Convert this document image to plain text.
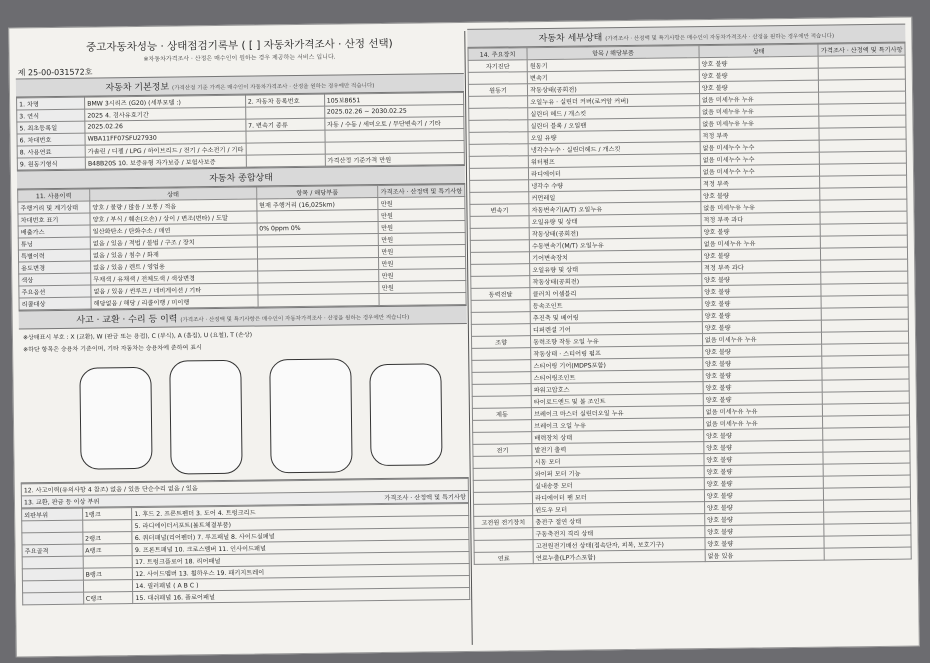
중고자동차성능 · 상태점검기록부 ( [ ] 자동차가격조사 · 산정 선택)
※자동차가격조사 · 산정은 매수인이 원하는 경우 제공하는 서비스 입니다.
제 25-00-031572호
자동차 기본정보 (가격산정 기준 가격은 매수인이 자동차가격조사 · 산정을 원하는 경우에만 적습니다)
1. 차명	BMW 3시리즈 (G20) (세부모델 :)	2. 자동차 등록번호	105보8651
3. 연식	2025 4. 검사유효기간		2025.02.26 ~ 2030.02.25
5. 최초등록일	2025.02.26	7. 변속기 종류	자동 / 수동 / 세미오토 / 무단변속기 / 기타
6. 차대번호	WBA11FF07SFU27930		
8. 사용연료	가솔린 / 디젤 / LPG / 하이브리드 / 전기 / 수소전기 / 기타		
9. 원동기형식	B48B20S 10. 보증유형 자가보증 / 보험사보증		가격산정 기준가격 만원
자동차 종합상태
11. 사용이력	상태	항목 / 해당부품	가격조사 · 산정액 및 특기사항
주행거리 및 계기상태	양호 / 불량 / 많음 / 보통 / 적음	현재 주행거리 (16,025km)	만원
차대번호 표기	양호 / 부식 / 훼손(오손) / 상이 / 변조(변타) / 도말		만원
배출가스	일산화탄소 / 탄화수소 / 매연	0% 0ppm 0%	만원
튜닝	없음 / 있음 / 적법 / 불법 / 구조 / 장치		만원
특별이력	없음 / 있음 / 침수 / 화재		만원
용도변경	없음 / 있음 / 렌트 / 영업용		만원
색상	무채색 / 유채색 / 전체도색 / 색상변경		만원
주요옵션	없음 / 있음 / 썬루프 / 네비게이션 / 기타		만원
리콜대상	해당없음 / 해당 / 리콜이행 / 미이행		
사고 · 교환 · 수리 등 이력 (가격조사 · 산정액 및 특기사항은 매수인이 자동차가격조사 · 산정을 원하는 경우에만 적습니다)
※상태표시 부호 : X (교환), W (판금 또는 용접), C (부식), A (흠집), U (요철), T (손상)
※하단 항목은 승용차 기준이며, 기타 자동차는 승용차에 준하여 표시
12. 사고이력(유의사항 4 참조) 없음 / 있음 단순수리 없음 / 있음
13. 교환, 판금 등 이상 부위
가격조사 · 산정액 및 특기사항
외판부위	1랭크	1. 후드 2. 프론트펜더 3. 도어 4. 트렁크리드
		5. 라디에이터서포트(볼트체결부품)
	2랭크	6. 쿼터패널(리어펜더) 7. 루프패널 8. 사이드실패널
주요골격	A랭크	9. 프론트패널 10. 크로스멤버 11. 인사이드패널
		17. 트렁크플로어 18. 리어패널
	B랭크	12. 사이드멤버 13. 휠하우스 19. 패키지트레이
		14. 필러패널 ( A B C )
	C랭크	15. 대쉬패널 16. 플로어패널
자동차 세부상태 (가격조사 · 산정액 및 특기사항은 매수인이 자동차가격조사 · 산정을 원하는 경우에만 적습니다)
14. 주요장치	항목 / 해당부품	상태	가격조사 · 산정액 및 특기사항
자기진단	원동기	양호 불량	
	변속기	양호 불량	
원동기	작동상태(공회전)	양호 불량	
	오일누유 · 실린더 커버(로커암 커버)	없음 미세누유 누유	
	실린더 헤드 / 개스킷	없음 미세누유 누유	
	실린더 블록 / 오일팬	없음 미세누유 누유	
	오일 유량	적정 부족	
	냉각수누수 · 실린더헤드 / 개스킷	없음 미세누수 누수	
	워터펌프	없음 미세누수 누수	
	라디에이터	없음 미세누수 누수	
	냉각수 수량	적정 부족	
	커먼레일	양호 불량	
변속기	자동변속기(A/T) 오일누유	없음 미세누유 누유	
	오일유량 및 상태	적정 부족 과다	
	작동상태(공회전)	양호 불량	
	수동변속기(M/T) 오일누유	없음 미세누유 누유	
	기어변속장치	양호 불량	
	오일유량 및 상태	적정 부족 과다	
	작동상태(공회전)	양호 불량	
동력전달	클러치 어셈블리	양호 불량	
	등속조인트	양호 불량	
	추진축 및 베어링	양호 불량	
	디퍼렌셜 기어	양호 불량	
조향	동력조향 작동 오일 누유	없음 미세누유 누유	
	작동상태 · 스티어링 펌프	양호 불량	
	스티어링 기어(MDPS포함)	양호 불량	
	스티어링조인트	양호 불량	
	파워고압호스	양호 불량	
	타이로드엔드 및 볼 조인트	양호 불량	
제동	브레이크 마스터 실린더오일 누유	없음 미세누유 누유	
	브레이크 오일 누유	없음 미세누유 누유	
	배력장치 상태	양호 불량	
전기	발전기 출력	양호 불량	
	시동 모터	양호 불량	
	와이퍼 모터 기능	양호 불량	
	실내송풍 모터	양호 불량	
	라디에이터 팬 모터	양호 불량	
	윈도우 모터	양호 불량	
고전원 전기장치	충전구 절연 상태	양호 불량	
	구동축전지 격리 상태	양호 불량	
	고전원전기배선 상태(접속단자, 피복, 보호기구)	양호 불량	
연료	연료누출(LP가스포함)	없음 있음	
